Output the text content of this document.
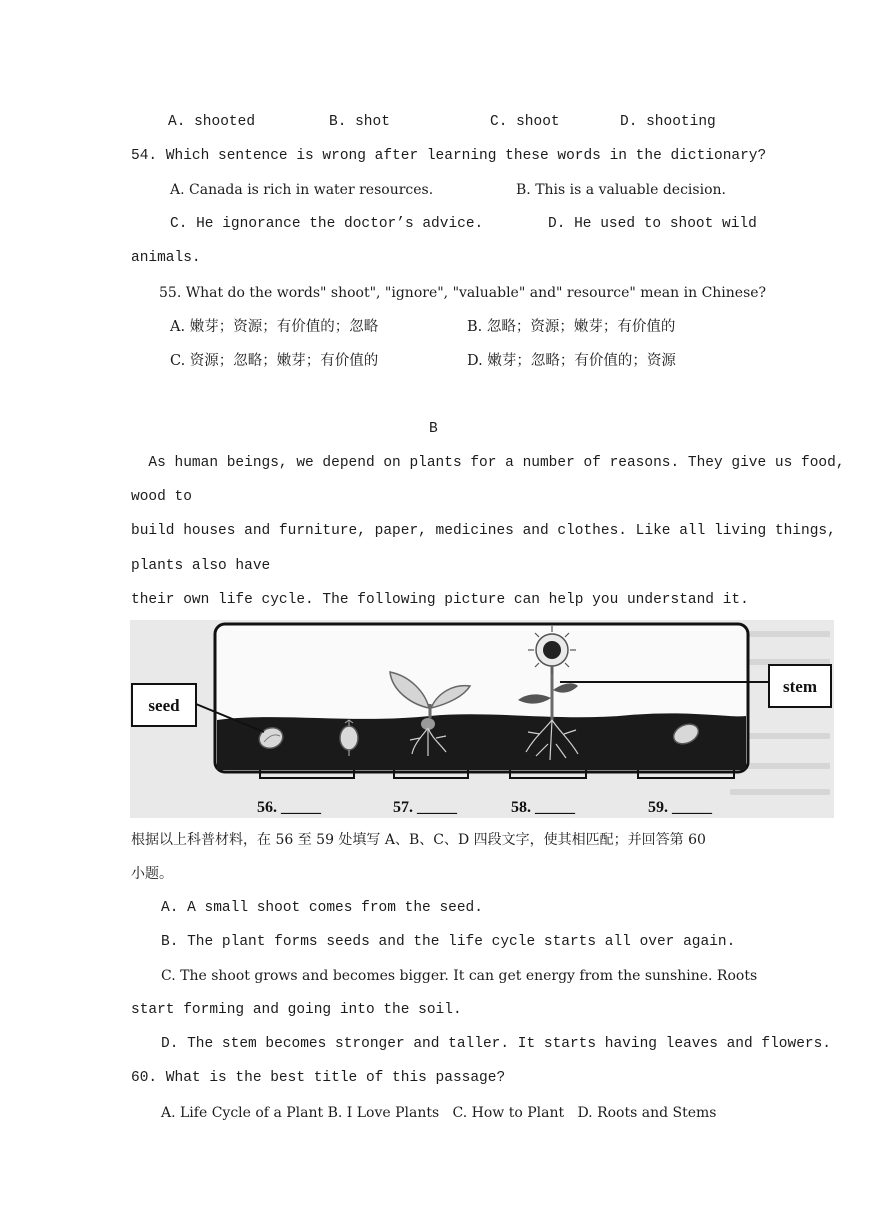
A. shooted	B. shot	C. shoot	D. shooting
54. Which sentence is wrong after learning these words in the dictionary?
A. Canada is rich in water resources.	B. This is a valuable decision.
C. He ignorance the doctor’s advice.	D. He used to shoot wild
animals.
55. What do the words" shoot", "ignore", "valuable" and" resource" mean in Chinese?
A. 嫩芽；资源；有价值的；忽略	B. 忽略；资源；嫩芽；有价值的
C. 资源；忽略；嫩芽；有价值的	D. 嫩芽；忽略；有价值的；资源
B
As human beings, we depend on plants for a number of reasons. They give us food,
wood to
build houses and furniture, paper, medicines and clothes. Like all living things,
plants also have
their own life cycle. The following picture can help you understand it.
seed
stem
56. _____	57. _____	58. _____	59. _____
根据以上科普材料，在 56 至 59 处填写 A、B、C、D 四段文字，使其相匹配；并回答第 60
小题。
A. A small shoot comes from the seed.
B. The plant forms seeds and the life cycle starts all over again.
C. The shoot grows and becomes bigger. It can get energy from the sunshine. Roots
start forming and going into the soil.
D. The stem becomes stronger and taller. It starts having leaves and flowers.
60. What is the best title of this passage?
A. Life Cycle of a Plant B. I Love Plants   C. How to Plant   D. Roots and Stems
